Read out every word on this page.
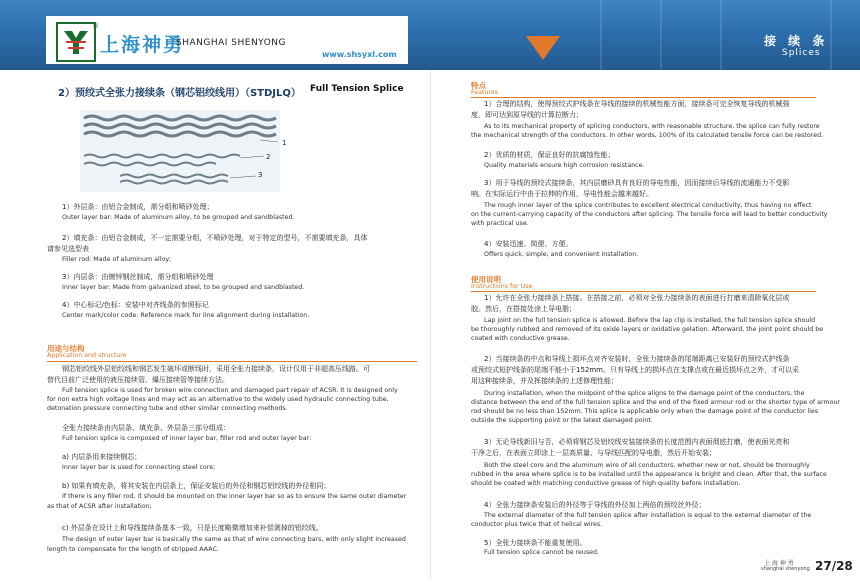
®
上海神勇
SHANGHAI SHENYONG
www.shsyxl.com
接 续 条
Splices
2）预绞式全张力接续条（钢芯铝绞线用）（STDJLQ） Full Tension Splice
1
2
3
1）外层条：由铝合金制成，需分组和喷砂处理；
Outer layer bar: Made of aluminum alloy, to be grouped and sandblasted.
2）填充条：由铝合金制成，不一定需要分组，不喷砂处理，对于特定的型号，不需要填充条，具体
请参见选型表
Filler rod: Made of aluminum alloy;
3）内层条：由镀锌钢丝制成，需分组和喷砂处理
Inner layer bar: Made from galvanized steel, to be grouped and sandblasted.
4）中心标记/色标：安装中对齐线条的参照标记
Center mark/color code: Reference mark for line alignment during installation.
用途与结构
Application and structure
钢芯铝绞线外层铝绞线和钢芯发生破坏或断线时，采用全张力接续条，设计仅用于非超高压线路。可
替代目前广泛使用的液压接续管、爆压接续管等接续方法。
Full tension splice is used for broken wire connection and damaged part repair of ACSR. It is designed only
for non extra high voltage lines and may act as an alternative to the widely used hydraulic connecting tube,
detonation pressure connecting tube and other similar connecting methods.
全张力接续条由内层条、填充条、外层条三部分组成：
Full tension splice is composed of inner layer bar, filler rod and outer layer bar:
a) 内层条用来接续钢芯；
Inner layer bar is used for connecting steel core;
b) 如果有填充条，将其安装在内层条上，保证安装后的外径和钢芯铝绞线的外径相同；
If there is any filler rod, it should be mounted on the inner layer bar so as to ensure the same outer diameter
as that of ACSR after installation;
c) 外层条在设计上和导线接续条基本一致，只是长度略微增加来补偿剥掉的铝绞线。
The design of outer layer bar is basically the same as that of wire connecting bars, with only slight increased
length to compensate for the length of stripped AAAC.
特点
Features
1）合理的结构，使得预绞式护线条在导线的接续的机械性能方面，接续条可完全恢复导线的机械强
度，即可达到原导线的计算拉断力；
As to its mechanical property of splicing conductors, with reasonable structure, the splice can fully restore
the mechanical strength of the conductors. In other words, 100% of its calculated tensile force can be restored.
2）优质的材质，保证良好的抗腐蚀性能；
Quality materials ensure high corrosion resistance.
3）用于导线的预绞式接续条，其内层磨砂具有良好的导电性能，因而接续后导线的流通能力不受影
响。在实际运行中由于拉伸的作用，导电性能会越来越好。
The rough inner layer of the splice contributes to excellent electrical conductivity, thus having no effect
on the current-carrying capacity of the conductors after splicing. The tensile force will lead to better conductivity
with practical use.
4）安装迅速、简便、方便。
Offers quick, simple, and convenient installation.
使用说明
Instructions for Use
1）允许在全张力接续条上搭接。在搭接之前，必须对全张力接续条的表面进行打磨来清除氧化层或
胶。然后，在搭接处涂上导电脂；
Lap joint on the full tension splice is allowed. Before the lap clip is installed, the full tension splice should
be thoroughly rubbed and removed of its oxide layers or oxidative gelation. Afterward, the joint point should be
coated with conductive grease.
2）当接续条的中点和导线上损坏点对齐安装时，全张力接续条的尾端距离已安装好的预绞式护线条
或预绞式短护线条的尾端不能小于152mm。只有导线上的损坏点在支撑点或在最近损坏点之外，才可以采
用这种接续条，并及挥接续条的上述修理性能；
During installation, when the midpoint of the splice aligns to the damage point of the conductors, the
distance between the end of the full tension splice and the end of the fixed armour rod or the shorter type of armour
rod should be no less than 152mm. This splice is applicable only when the damage point of the conductor lies
outside the supporting point or the latest damaged point.
3）无论导线新旧与否，必须将钢芯及铝绞线安装接续条的长度范围内表面彻底打磨，使表面光亮和
干净之后，在表面立即涂上一层高质量、与导线匹配的导电脂，然后开始安装；
Both the steel core and the aluminum wire of all conductors, whether new or not, should be thoroughly
rubbed in the area where splice is to be installed until the appearance is bright and clean. After that, the surface
should be coated with matching conductive grease of high quality before installation.
4）全张力接续条安装后的外径等于导线的外径加上两倍的预绞丝外径；
The external diameter of the full tension splice after installation is equal to the external diameter of the
conductor plus twice that of helical wires.
5）全张力接续条不能重复使用。
Full tension splice cannot be reused.
上 海 神 勇
shanghai shenyong 27/28
